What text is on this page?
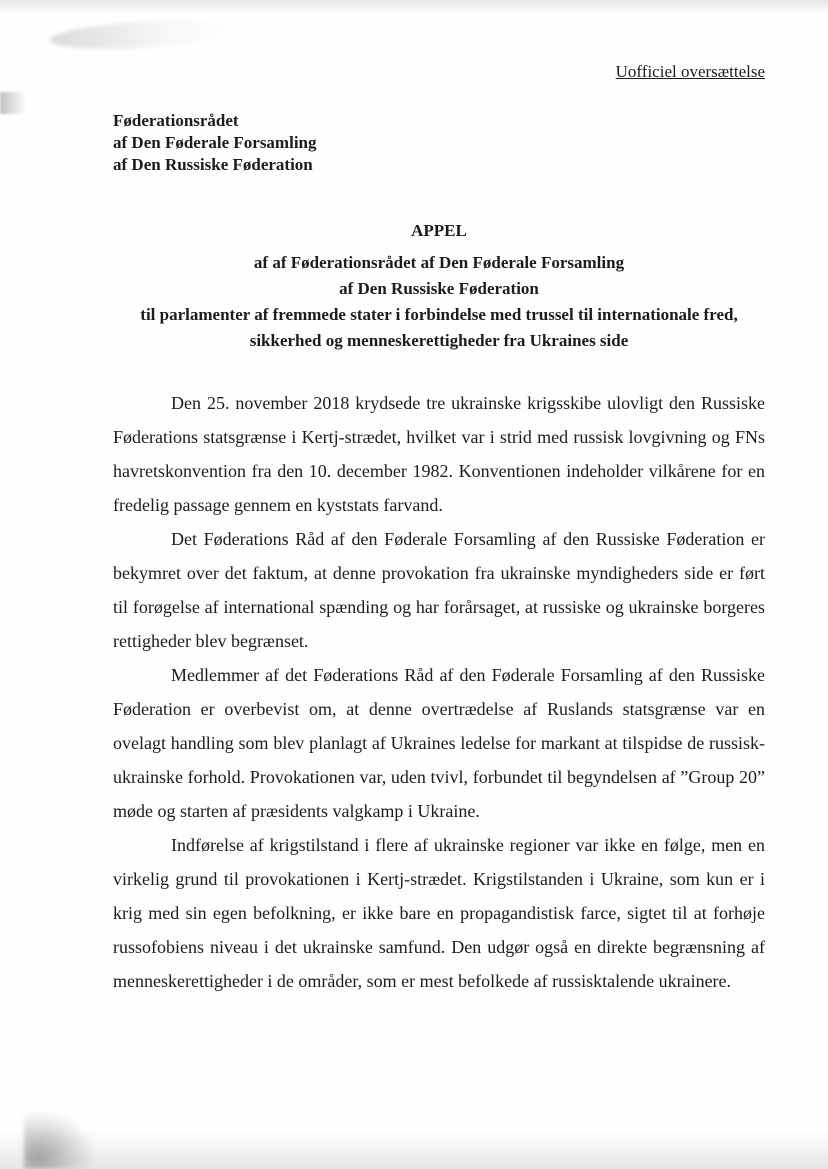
Uofficiel oversættelse
Føderationsrådet
af Den Føderale Forsamling
af Den Russiske Føderation
APPEL
af af Føderationsrådet af Den Føderale Forsamling
af Den Russiske Føderation
til parlamenter af fremmede stater i forbindelse med trussel til internationale fred, sikkerhed og menneskerettigheder fra Ukraines side

Den 25. november 2018 krydsede tre ukrainske krigsskibe ulovligt den Russiske Føderations statsgrænse i Kertj-strædet, hvilket var i strid med russisk lovgivning og FNs havretskonvention fra den 10. december 1982. Konventionen indeholder vilkårene for en fredelig passage gennem en kyststats farvand.

Det Føderations Råd af den Føderale Forsamling af den Russiske Føderation er bekymret over det faktum, at denne provokation fra ukrainske myndigheders side er ført til forøgelse af international spænding og har forårsaget, at russiske og ukrainske borgeres rettigheder blev begrænset.

Medlemmer af det Føderations Råd af den Føderale Forsamling af den Russiske Føderation er overbevist om, at denne overtrædelse af Ruslands statsgrænse var en ovelagt handling som blev planlagt af Ukraines ledelse for markant at tilspidse de russisk-ukrainske forhold. Provokationen var, uden tvivl, forbundet til begyndelsen af ”Group 20” møde og starten af præsidents valgkamp i Ukraine.

Indførelse af krigstilstand i flere af ukrainske regioner var ikke en følge, men en virkelig grund til provokationen i Kertj-strædet. Krigstilstanden i Ukraine, som kun er i krig med sin egen befolkning, er ikke bare en propagandistisk farce, sigtet til at forhøje russofobiens niveau i det ukrainske samfund. Den udgør også en direkte begrænsning af menneskerettigheder i de områder, som er mest befolkede af russisktalende ukrainere.
